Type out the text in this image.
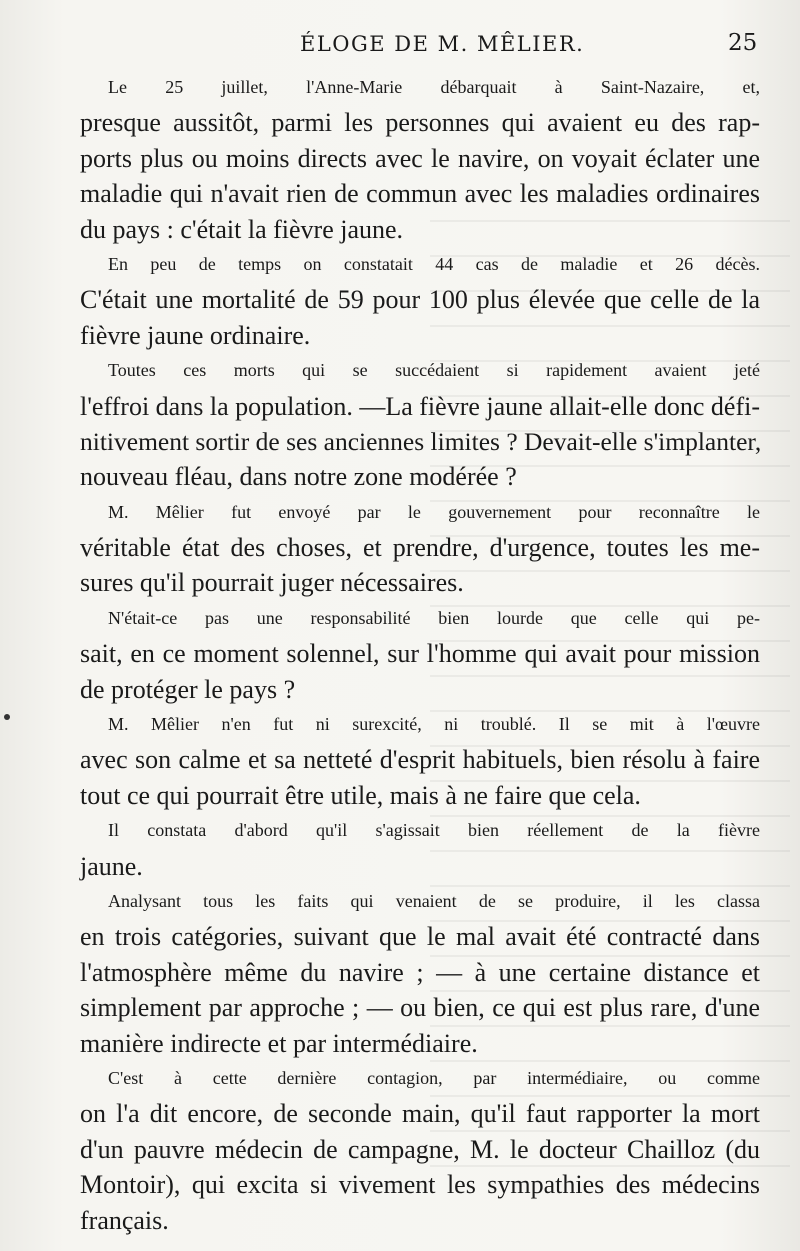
ÉLOGE DE M. MÊLIER.	25
Le 25 juillet, l'Anne-Marie débarquait à Saint-Nazaire, et,
presque aussitôt, parmi les personnes qui avaient eu des rap-
ports plus ou moins directs avec le navire, on voyait éclater une
maladie qui n'avait rien de commun avec les maladies ordinaires
du pays : c'était la fièvre jaune.
En peu de temps on constatait 44 cas de maladie et 26 décès.
C'était une mortalité de 59 pour 100 plus élevée que celle de la
fièvre jaune ordinaire.
Toutes ces morts qui se succédaient si rapidement avaient jeté
l'effroi dans la population. —La fièvre jaune allait-elle donc défi-
nitivement sortir de ses anciennes limites ? Devait-elle s'implanter,
nouveau fléau, dans notre zone modérée ?
M. Mêlier fut envoyé par le gouvernement pour reconnaître le
véritable état des choses, et prendre, d'urgence, toutes les me-
sures qu'il pourrait juger nécessaires.
N'était-ce pas une responsabilité bien lourde que celle qui pe-
sait, en ce moment solennel, sur l'homme qui avait pour mission
de protéger le pays ?
M. Mêlier n'en fut ni surexcité, ni troublé. Il se mit à l'œuvre
avec son calme et sa netteté d'esprit habituels, bien résolu à faire
tout ce qui pourrait être utile, mais à ne faire que cela.
Il constata d'abord qu'il s'agissait bien réellement de la fièvre
jaune.
Analysant tous les faits qui venaient de se produire, il les classa
en trois catégories, suivant que le mal avait été contracté dans
l'atmosphère même du navire ; — à une certaine distance et
simplement par approche ; — ou bien, ce qui est plus rare, d'une
manière indirecte et par intermédiaire.
C'est à cette dernière contagion, par intermédiaire, ou comme
on l'a dit encore, de seconde main, qu'il faut rapporter la mort
d'un pauvre médecin de campagne, M. le docteur Chailloz (du
Montoir), qui excita si vivement les sympathies des médecins
français.
